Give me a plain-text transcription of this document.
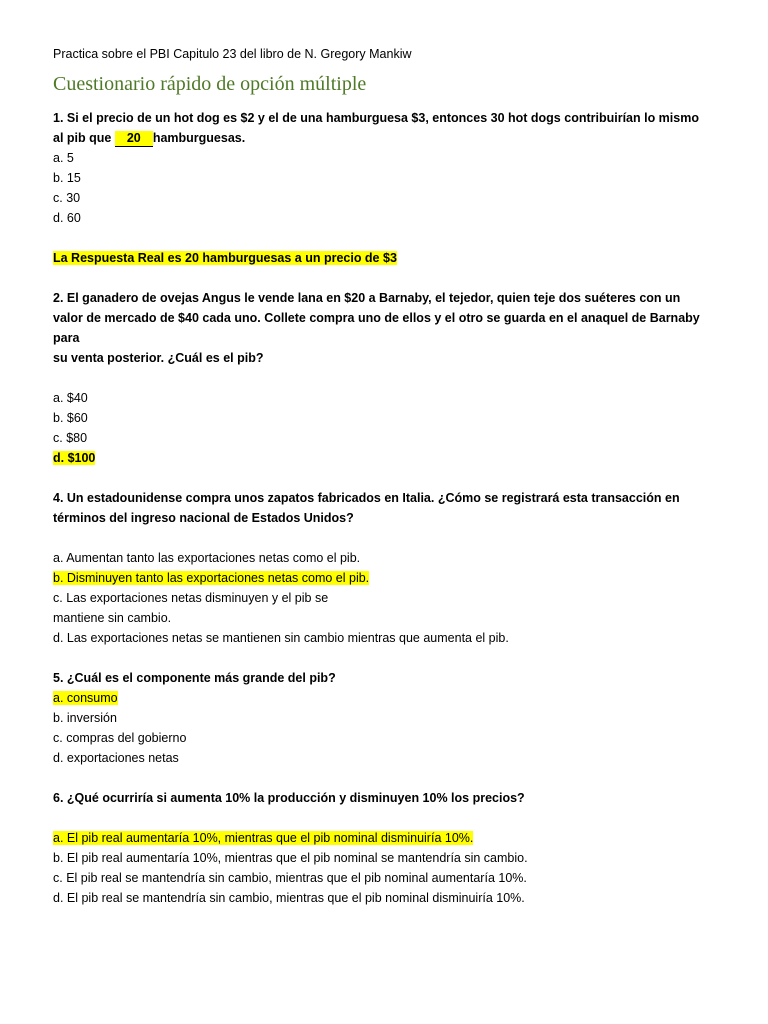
Practica sobre el PBI Capitulo 23 del libro de N. Gregory Mankiw
Cuestionario rápido de opción múltiple
1. Si el precio de un hot dog es $2 y el de una hamburguesa $3, entonces 30 hot dogs contribuirían lo mismo
al pib que 20 hamburguesas.
a. 5
b. 15
c. 30
d. 60
La Respuesta Real es 20 hamburguesas a un precio de $3
2. El ganadero de ovejas Angus le vende lana en $20 a Barnaby, el tejedor, quien teje dos suéteres con un
valor de mercado de $40 cada uno. Collete compra uno de ellos y el otro se guarda en el anaquel de Barnaby
para
su venta posterior. ¿Cuál es el pib?
a. $40
b. $60
c. $80
d. $100
4. Un estadounidense compra unos zapatos fabricados en Italia. ¿Cómo se registrará esta transacción en
términos del ingreso nacional de Estados Unidos?
a. Aumentan tanto las exportaciones netas como el pib.
b. Disminuyen tanto las exportaciones netas como el pib.
c. Las exportaciones netas disminuyen y el pib se
mantiene sin cambio.
d. Las exportaciones netas se mantienen sin cambio mientras que aumenta el pib.
5. ¿Cuál es el componente más grande del pib?
a. consumo
b. inversión
c. compras del gobierno
d. exportaciones netas
6. ¿Qué ocurriría si aumenta 10% la producción y disminuyen 10% los precios?
a. El pib real aumentaría 10%, mientras que el pib nominal disminuiría 10%.
b. El pib real aumentaría 10%, mientras que el pib nominal se mantendría sin cambio.
c. El pib real se mantendría sin cambio, mientras que el pib nominal aumentaría 10%.
d. El pib real se mantendría sin cambio, mientras que el pib nominal disminuiría 10%.
